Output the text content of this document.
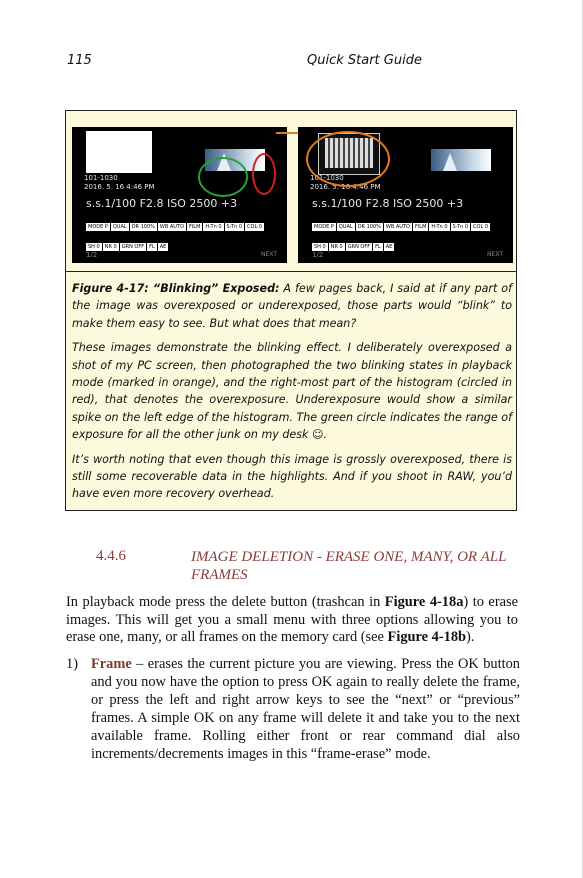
115	Quick Start Guide
101-1030
2016. 5. 16 4:46 PM
s.s.1/100 F2.8 ISO 2500 +3
MODE P QUAL DR 100% WB AUTO FILM H-Tn 0 S-Tn 0 COL 0SH 0 NR 0 GRN OFF FL AE
1/2	NEXT
101-1030
2016. 5. 16 4:46 PM
s.s.1/100 F2.8 ISO 2500 +3
MODE P QUAL DR 100% WB AUTO FILM H-Tn 0 S-Tn 0 COL 0SH 0 NR 0 GRN OFF FL AE
1/2	NEXT

Figure 4-17: “Blinking” Exposed: A few pages back, I said at if any part of the image was overexposed or underexposed, those parts would “blink” to make them easy to see. But what does that mean?

These images demonstrate the blinking effect. I deliberately overexposed a shot of my PC screen, then photographed the two blinking states in playback mode (marked in orange), and the right-most part of the histogram (circled in red), that denotes the overexposure. Underexposure would show a similar spike on the left edge of the histogram. The green circle indicates the range of exposure for all the other junk on my desk ☺.

It’s worth noting that even though this image is grossly overexposed, there is still some recoverable data in the highlights. And if you shoot in RAW, you’d have even more recovery overhead.

4.4.6	IMAGE DELETION - ERASE ONE, MANY, OR ALL FRAMES
In playback mode press the delete button (trashcan in Figure 4-18a) to erase images. This will get you a small menu with three options allowing you to erase one, many, or all frames on the memory card (see Figure 4-18b).
1) Frame – erases the current picture you are viewing. Press the OK button and you now have the option to press OK again to really delete the frame, or press the left and right arrow keys to see the “next” or “previous” frames. A simple OK on any frame will delete it and take you to the next available frame. Rolling either front or rear command dial also increments/decrements images in this “frame-erase” mode.
